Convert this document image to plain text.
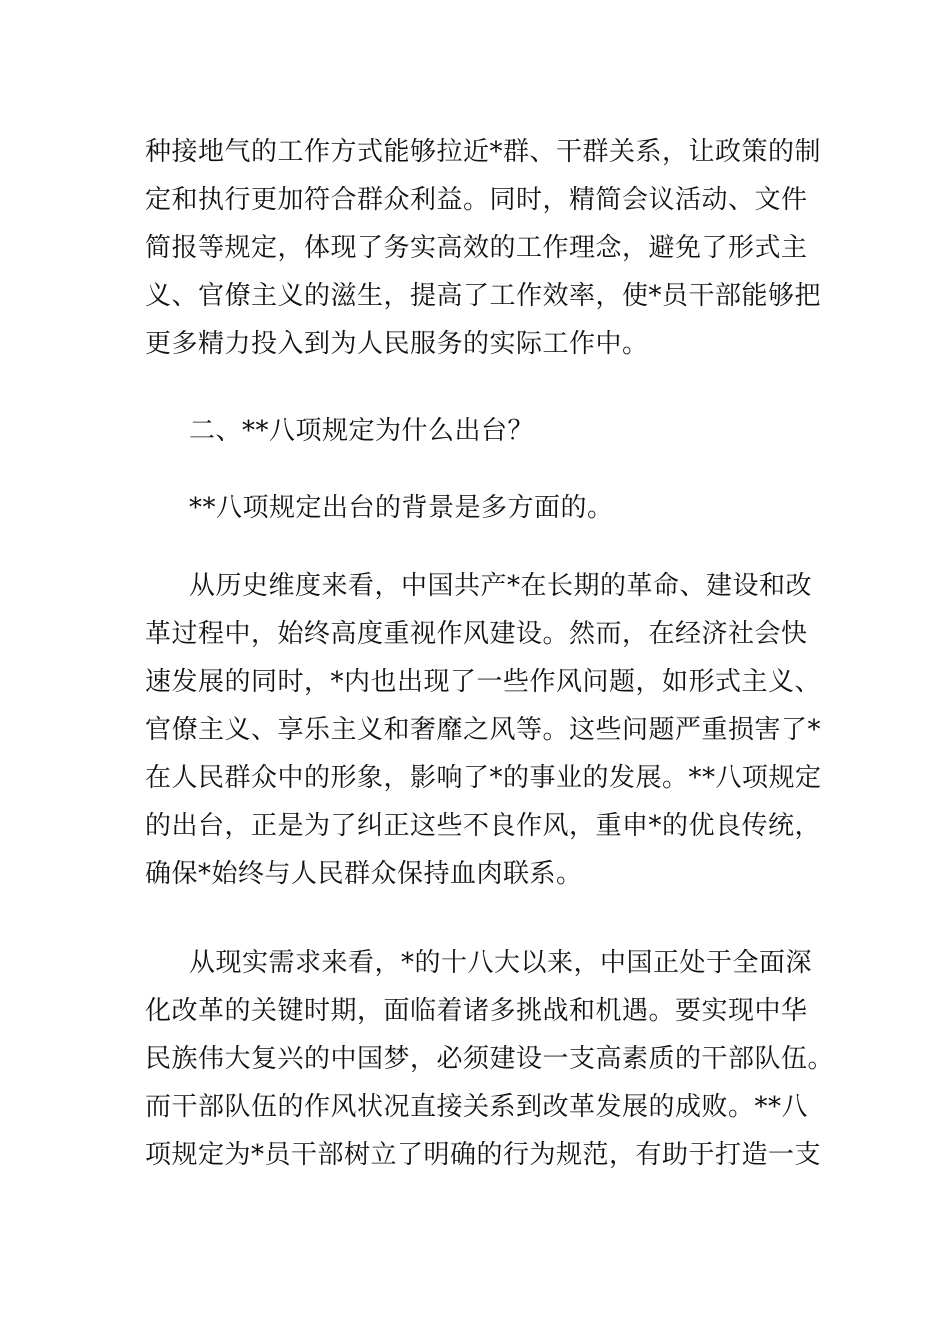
种接地气的工作方式能够拉近*群、干群关系，让政策的制
定和执行更加符合群众利益。同时，精简会议活动、文件
简报等规定，体现了务实高效的工作理念，避免了形式主
义、官僚主义的滋生，提高了工作效率，使*员干部能够把
更多精力投入到为人民服务的实际工作中。
二、**八项规定为什么出台？
**八项规定出台的背景是多方面的。
从历史维度来看，中国共产*在长期的革命、建设和改
革过程中，始终高度重视作风建设。然而，在经济社会快
速发展的同时，*内也出现了一些作风问题，如形式主义、
官僚主义、享乐主义和奢靡之风等。这些问题严重损害了*
在人民群众中的形象，影响了*的事业的发展。**八项规定
的出台，正是为了纠正这些不良作风，重申*的优良传统，
确保*始终与人民群众保持血肉联系。
从现实需求来看，*的十八大以来，中国正处于全面深
化改革的关键时期，面临着诸多挑战和机遇。要实现中华
民族伟大复兴的中国梦，必须建设一支高素质的干部队伍。
而干部队伍的作风状况直接关系到改革发展的成败。**八
项规定为*员干部树立了明确的行为规范，有助于打造一支
